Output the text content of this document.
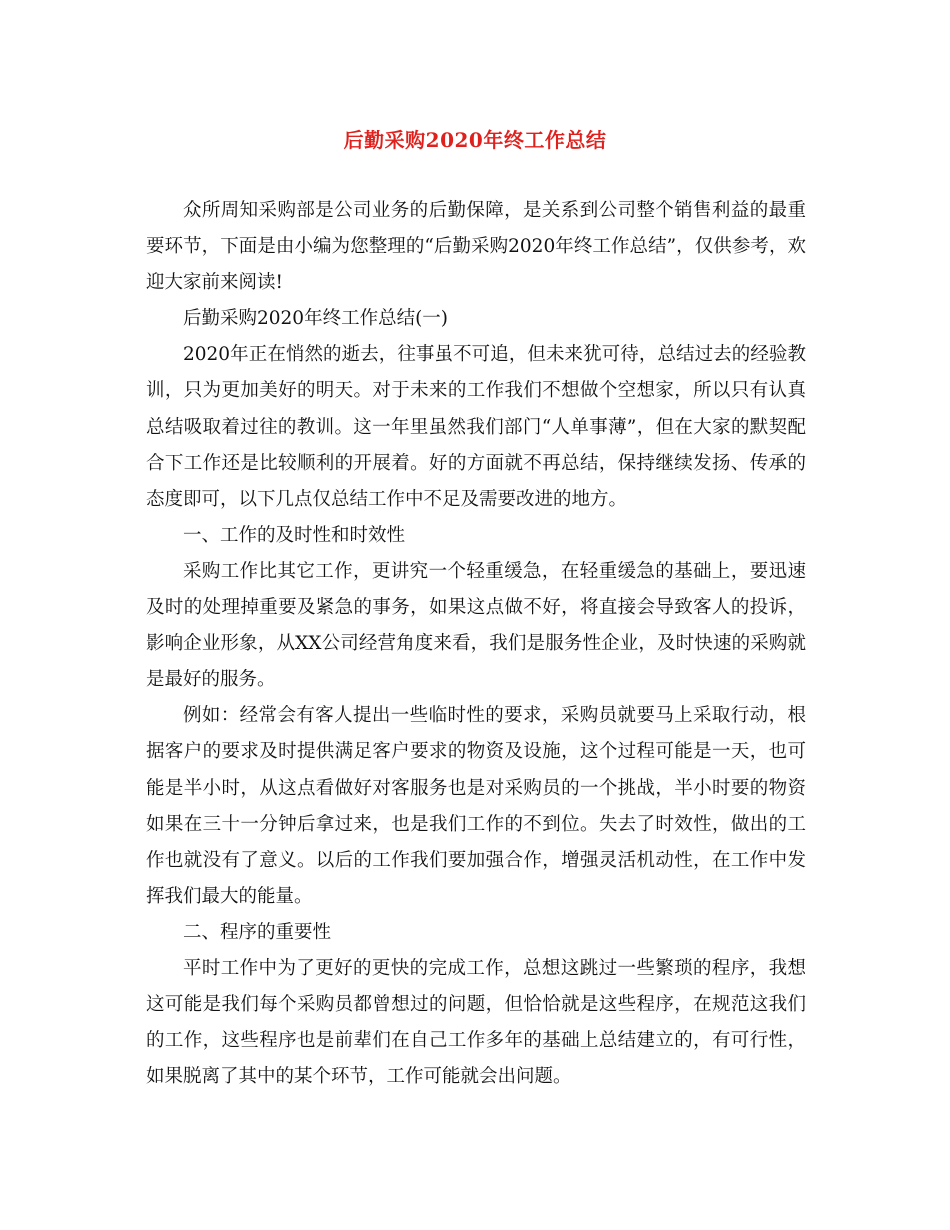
后勤采购2020年终工作总结

众所周知采购部是公司业务的后勤保障，是关系到公司整个销售利益的最重要环节，下面是由小编为您整理的“后勤采购2020年终工作总结”，仅供参考，欢迎大家前来阅读!

后勤采购2020年终工作总结(一)

2020年正在悄然的逝去，往事虽不可追，但未来犹可待，总结过去的经验教训，只为更加美好的明天。对于未来的工作我们不想做个空想家，所以只有认真总结吸取着过往的教训。这一年里虽然我们部门“人单事薄”，但在大家的默契配合下工作还是比较顺利的开展着。好的方面就不再总结，保持继续发扬、传承的态度即可，以下几点仅总结工作中不足及需要改进的地方。

一、工作的及时性和时效性

采购工作比其它工作，更讲究一个轻重缓急，在轻重缓急的基础上，要迅速及时的处理掉重要及紧急的事务，如果这点做不好，将直接会导致客人的投诉，影响企业形象，从XX公司经营角度来看，我们是服务性企业，及时快速的采购就是最好的服务。

例如：经常会有客人提出一些临时性的要求，采购员就要马上采取行动，根据客户的要求及时提供满足客户要求的物资及设施，这个过程可能是一天，也可能是半小时，从这点看做好对客服务也是对采购员的一个挑战，半小时要的物资如果在三十一分钟后拿过来，也是我们工作的不到位。失去了时效性，做出的工作也就没有了意义。以后的工作我们要加强合作，增强灵活机动性，在工作中发挥我们最大的能量。

二、程序的重要性

平时工作中为了更好的更快的完成工作，总想这跳过一些繁琐的程序，我想这可能是我们每个采购员都曾想过的问题，但恰恰就是这些程序，在规范这我们的工作，这些程序也是前辈们在自己工作多年的基础上总结建立的，有可行性，如果脱离了其中的某个环节，工作可能就会出问题。
